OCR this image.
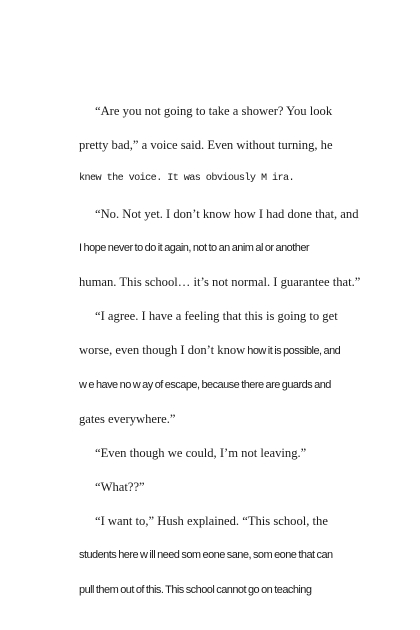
“Are you not going to take a shower? You look
pretty bad,” a voice said. Even without turning, he
knew the voice. It was obviously M ira.
“No. Not yet. I don’t know how I had done that, and
I hope never to do it again, not to an anim al or another
human. This school… it’s not normal. I guarantee that.”
“I agree. I have a feeling that this is going to get
worse, even though I don’t know how it is possible, and
w e have no w ay of escape, because there are guards and
gates everywhere.”
“Even though we could, I’m not leaving.”
“What??”
“I want to,” Hush explained. “This school, the
students here w ill need som eone sane, som eone that can
pull them out of this. This school cannot go on teaching
